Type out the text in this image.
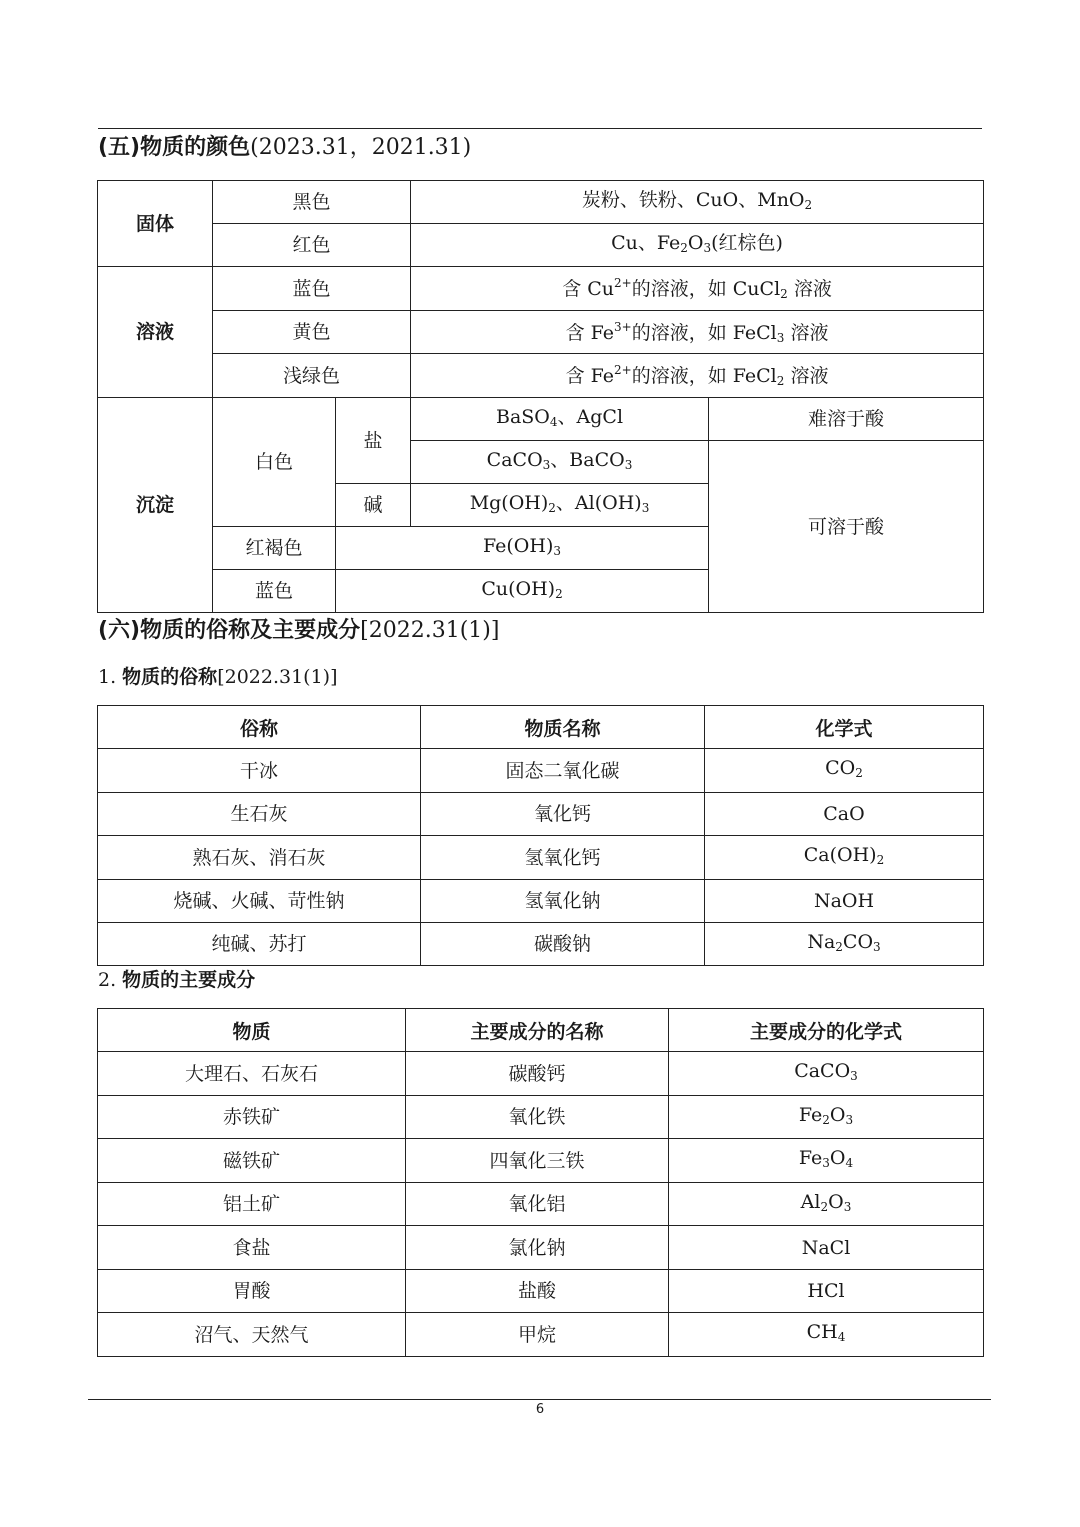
(五)物质的颜色(2023.31，2021.31)
固体	黑色		炭粉、铁粉、CuO、MnO$_2$
	红色		Cu、$Fe_2O_3$(红棕色)	
溶液	蓝色		含 $Cu^{2+}$的溶液，如 CuCl$_2$ 溶液	
	黄色		含 $Fe^{3+}$的溶液，如 FeCl$_3$ 溶液	
	浅绿色		含 $Fe^{2+}$的溶液，如 FeCl$_2$ 溶液	
沉淀	白色	盐	BaSO$_4$、AgCl	难溶于酸
			CaCO$_3$、BaCO$_3$	可溶于酸
		碱	$Mg(OH)_2$、$Al(OH)_3$
	红褐色	$Fe(OH)_3$
	蓝色	$Cu(OH)_2$
(六)物质的俗称及主要成分[2022.31(1)]
1. 物质的俗称[2022.31(1)]
俗称	物质名称	化学式
干冰	固态二氧化碳	$CO_2$
生石灰	氧化钙	CaO
熟石灰、消石灰	氢氧化钙	$Ca(OH)_2$
烧碱、火碱、苛性钠	氢氧化钠	NaOH
纯碱、苏打	碳酸钠	$Na_2CO_3$
2. 物质的主要成分
物质	主要成分的名称	主要成分的化学式
大理石、石灰石	碳酸钙	CaCO$_3$
赤铁矿	氧化铁	$Fe_2O_3$
磁铁矿	四氧化三铁	$Fe_3O_4$
铝土矿	氧化铝	$Al_2O_3$
食盐	氯化钠	NaCl
胃酸	盐酸	HCl
沼气、天然气	甲烷	$CH_4$
6
